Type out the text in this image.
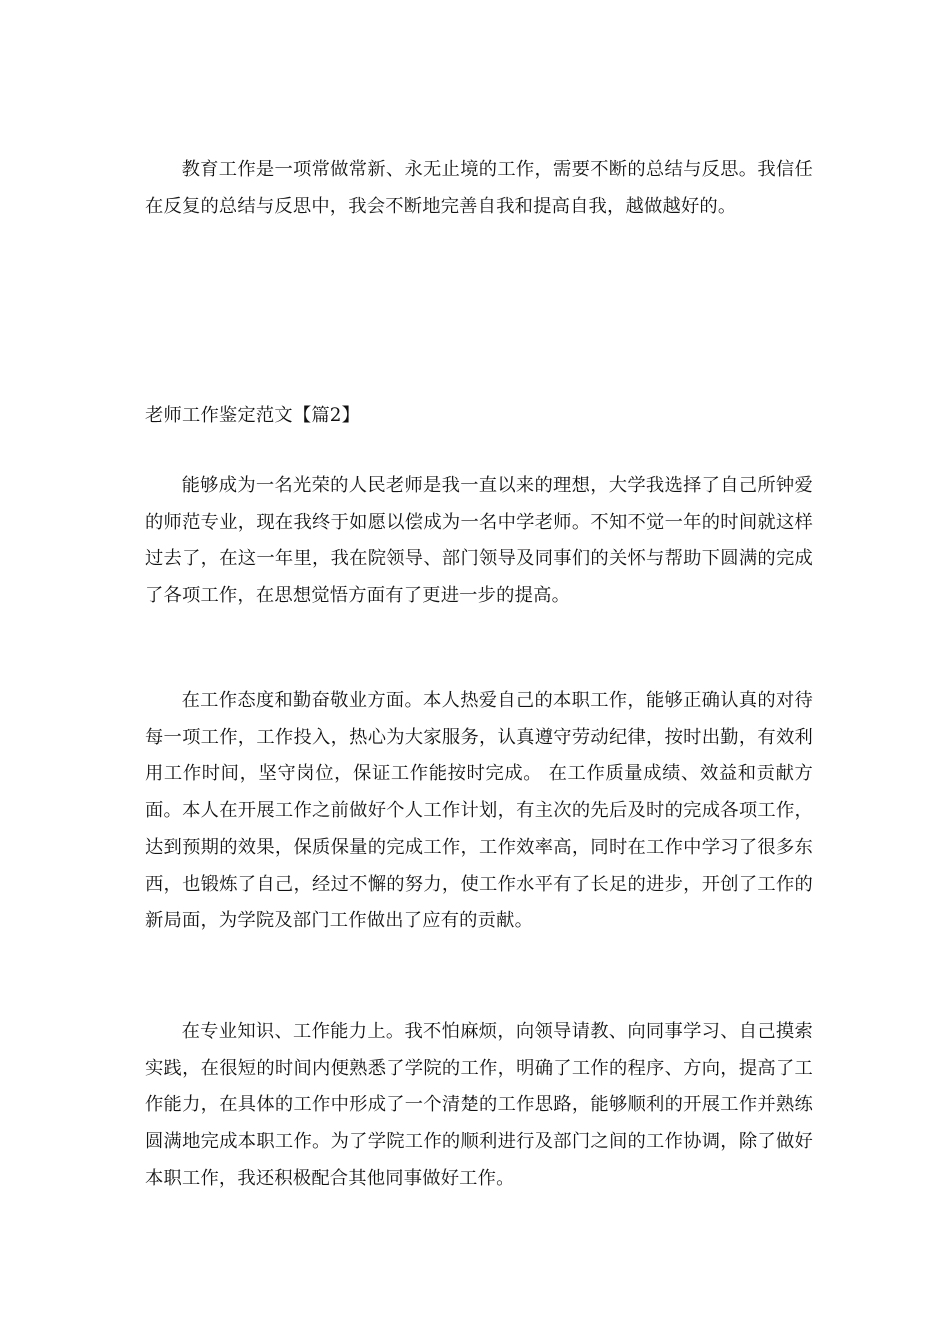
教育工作是一项常做常新、永无止境的工作，需要不断的总结与反思。我信任在反复的总结与反思中，我会不断地完善自我和提高自我，越做越好的。

老师工作鉴定范文【篇2】

能够成为一名光荣的人民老师是我一直以来的理想，大学我选择了自己所钟爱的师范专业，现在我终于如愿以偿成为一名中学老师。不知不觉一年的时间就这样过去了，在这一年里，我在院领导、部门领导及同事们的关怀与帮助下圆满的完成了各项工作，在思想觉悟方面有了更进一步的提高。

在工作态度和勤奋敬业方面。本人热爱自己的本职工作，能够正确认真的对待每一项工作，工作投入，热心为大家服务，认真遵守劳动纪律，按时出勤，有效利用工作时间，坚守岗位，保证工作能按时完成。 在工作质量成绩、效益和贡献方面。本人在开展工作之前做好个人工作计划，有主次的先后及时的完成各项工作，达到预期的效果，保质保量的完成工作，工作效率高，同时在工作中学习了很多东西，也锻炼了自己，经过不懈的努力，使工作水平有了长足的进步，开创了工作的新局面，为学院及部门工作做出了应有的贡献。

在专业知识、工作能力上。我不怕麻烦，向领导请教、向同事学习、自己摸索实践，在很短的时间内便熟悉了学院的工作，明确了工作的程序、方向，提高了工作能力，在具体的工作中形成了一个清楚的工作思路，能够顺利的开展工作并熟练圆满地完成本职工作。为了学院工作的顺利进行及部门之间的工作协调，除了做好本职工作，我还积极配合其他同事做好工作。
